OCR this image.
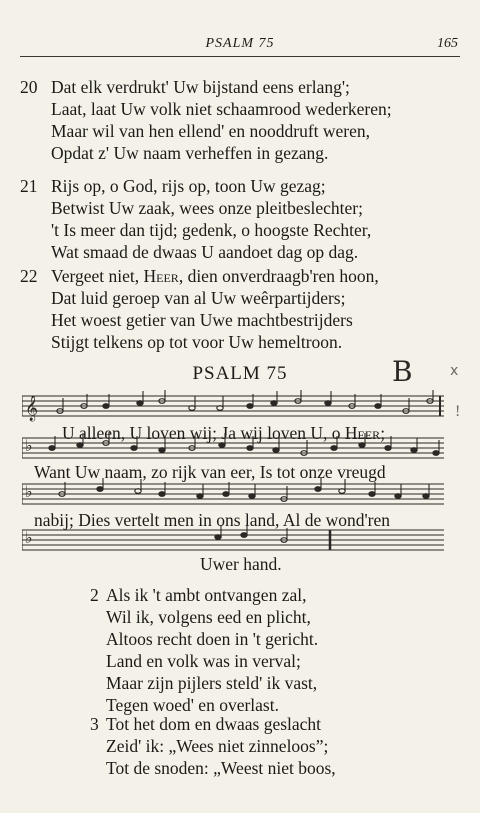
PSALM 75	165
20 Dat elk verdrukt' Uw bijstand eens erlang';
Laat, laat Uw volk niet schaamrood wederkeren;
Maar wil van hen ellend' en nooddruft weren,
Opdat z' Uw naam verheffen in gezang.
21 Rijs op, o God, rijs op, toon Uw gezag;
Betwist Uw zaak, wees onze pleitbeslechter;
't Is meer dan tijd; gedenk, o hoogste Rechter,
Wat smaad de dwaas U aandoet dag op dag.
22 Vergeet niet, Heer, dien onverdraagb'ren hoon,
Dat luid geroep van al Uw weêrpartijders;
Het woest getier van Uwe machtbestrijders
Stijgt telkens op tot voor Uw hemeltroon.
PSALM 75	B	x
!
𝄞
U alleen, U loven wij; Ja wij loven U, o Heer;
♭
Want Uw naam, zo rijk van eer, Is tot onze vreugd
♭
nabij; Dies vertelt men in ons land, Al de wond'ren
♭
Uwer hand.
2 Als ik 't ambt ontvangen zal,
Wil ik, volgens eed en plicht,
Altoos recht doen in 't gericht.
Land en volk was in verval;
Maar zijn pijlers steld' ik vast,
Tegen woed' en overlast.
3 Tot het dom en dwaas geslacht
Zeid' ik: „Wees niet zinneloos”;
Tot de snoden: „Weest niet boos,
